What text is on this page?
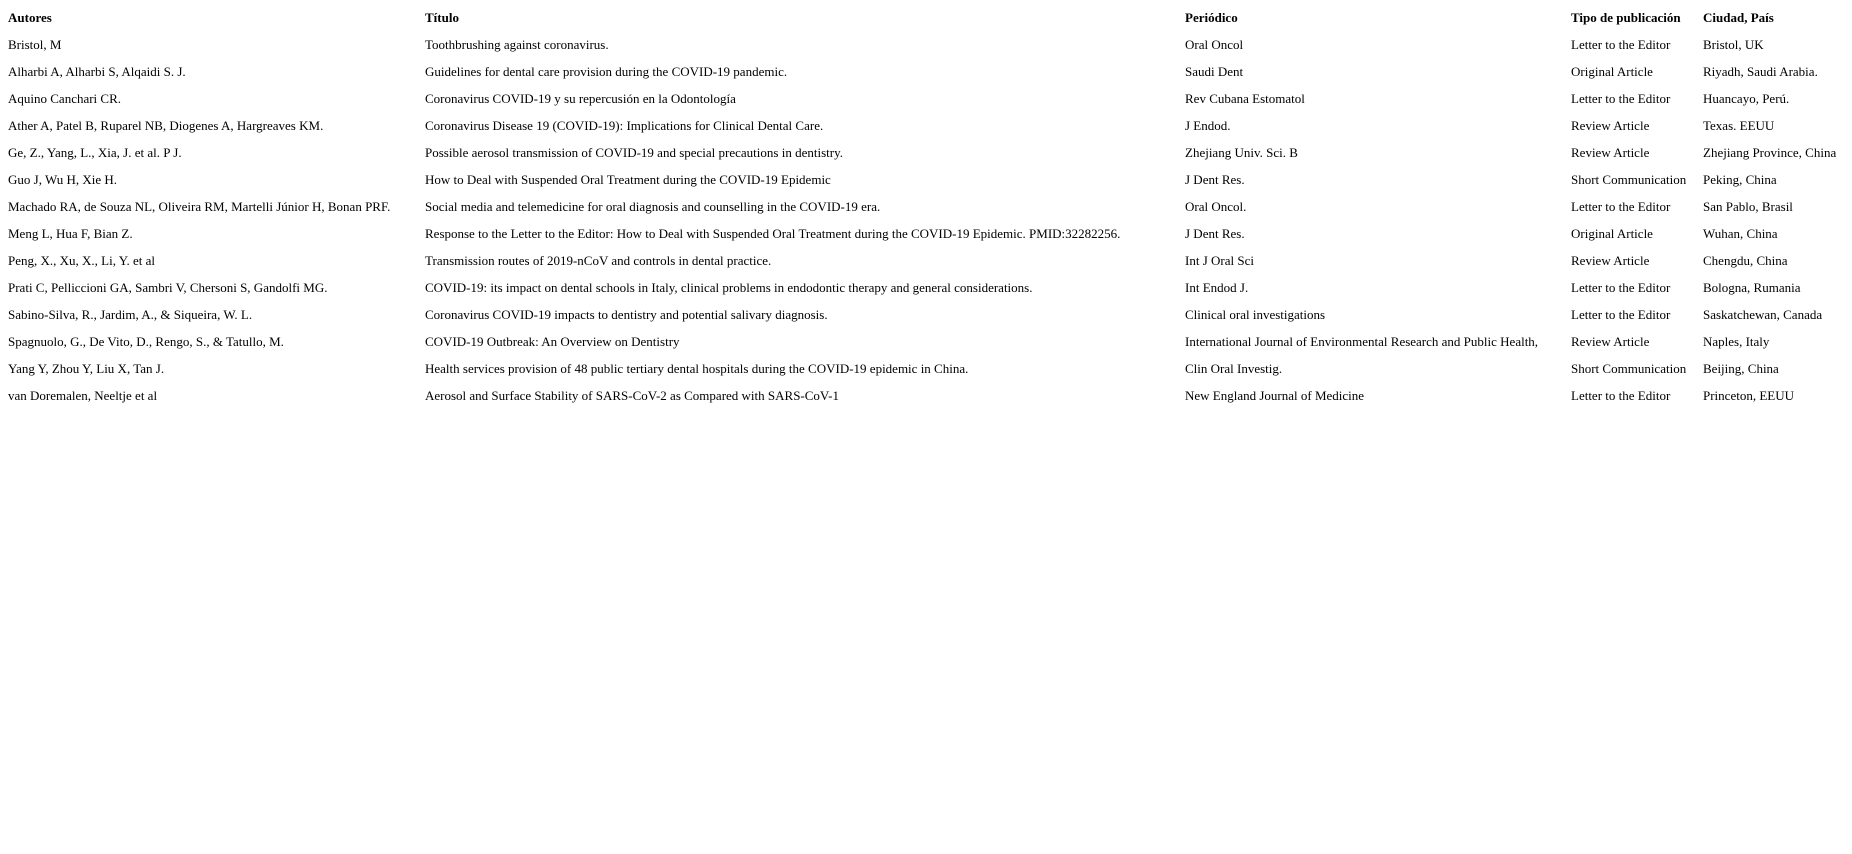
Autores	Título	Periódico	Tipo de publicación	Ciudad, País
Bristol, M	Toothbrushing against coronavirus.	Oral Oncol	Letter to the Editor	Bristol, UK
Alharbi A, Alharbi S, Alqaidi S. J.	Guidelines for dental care provision during the COVID-19 pandemic.	Saudi Dent	Original Article	Riyadh, Saudi Arabia.
Aquino Canchari CR.	Coronavirus COVID-19 y su repercusión en la Odontología	Rev Cubana Estomatol	Letter to the Editor	Huancayo, Perú.
Ather A, Patel B, Ruparel NB, Diogenes A, Hargreaves KM.	Coronavirus Disease 19 (COVID-19): Implications for Clinical Dental Care.	J Endod.	Review Article	Texas. EEUU
Ge, Z., Yang, L., Xia, J. et al. P J.	Possible aerosol transmission of COVID-19 and special precautions in dentistry.	Zhejiang Univ. Sci. B	Review Article	Zhejiang Province, China
Guo J, Wu H, Xie H.	How to Deal with Suspended Oral Treatment during the COVID-19 Epidemic	J Dent Res.	Short Communication	Peking, China
Machado RA, de Souza NL, Oliveira RM, Martelli Júnior H, Bonan PRF.	Social media and telemedicine for oral diagnosis and counselling in the COVID-19 era.	Oral Oncol.	Letter to the Editor	San Pablo, Brasil
Meng L, Hua F, Bian Z.	Response to the Letter to the Editor: How to Deal with Suspended Oral Treatment during the COVID-19 Epidemic. PMID:32282256.	J Dent Res.	Original Article	Wuhan, China
Peng, X., Xu, X., Li, Y. et al	Transmission routes of 2019-nCoV and controls in dental practice.	Int J Oral Sci	Review Article	Chengdu, China
Prati C, Pelliccioni GA, Sambri V, Chersoni S, Gandolfi MG.	COVID-19: its impact on dental schools in Italy, clinical problems in endodontic therapy and general considerations.	Int Endod J.	Letter to the Editor	Bologna, Rumania
Sabino-Silva, R., Jardim, A., & Siqueira, W. L.	Coronavirus COVID-19 impacts to dentistry and potential salivary diagnosis.	Clinical oral investigations	Letter to the Editor	Saskatchewan, Canada
Spagnuolo, G., De Vito, D., Rengo, S., & Tatullo, M.	COVID-19 Outbreak: An Overview on Dentistry	International Journal of Environmental Research and Public Health,	Review Article	Naples, Italy
Yang Y, Zhou Y, Liu X, Tan J.	Health services provision of 48 public tertiary dental hospitals during the COVID-19 epidemic in China.	Clin Oral Investig.	Short Communication	Beijing, China
van Doremalen, Neeltje et al	Aerosol and Surface Stability of SARS-CoV-2 as Compared with SARS-CoV-1	New England Journal of Medicine	Letter to the Editor	Princeton, EEUU
